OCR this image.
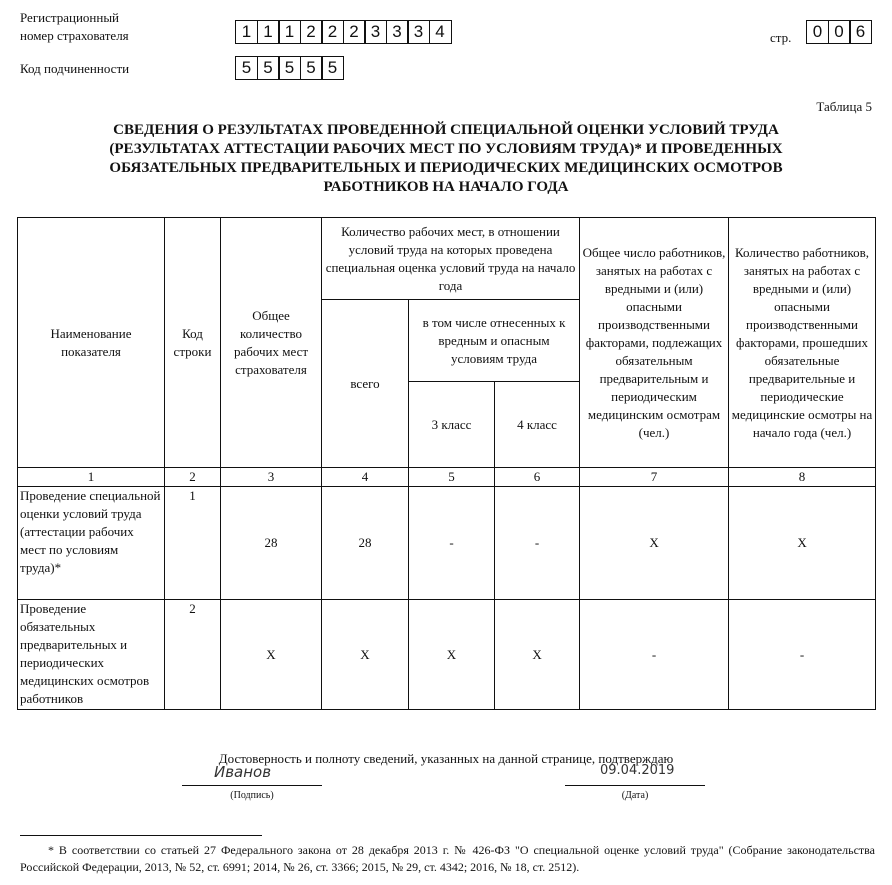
Регистрационный
номер страхователя	1 1 1 2 2 2 3 3 3 4	стр.	0 0 6
Код подчиненности	5 5 5 5 5
Таблица 5
СВЕДЕНИЯ О РЕЗУЛЬТАТАХ ПРОВЕДЕННОЙ СПЕЦИАЛЬНОЙ ОЦЕНКИ УСЛОВИЙ ТРУДА
(РЕЗУЛЬТАТАХ АТТЕСТАЦИИ РАБОЧИХ МЕСТ ПО УСЛОВИЯМ ТРУДА)* И ПРОВЕДЕННЫХ
ОБЯЗАТЕЛЬНЫХ ПРЕДВАРИТЕЛЬНЫХ И ПЕРИОДИЧЕСКИХ МЕДИЦИНСКИХ ОСМОТРОВ
РАБОТНИКОВ НА НАЧАЛО ГОДА
Наименование показателя	Код строки	Общее количество рабочих мест страхователя	Количество рабочих мест, в отношении условий труда на которых проведена специальная оценка условий труда на начало года			Общее число работников, занятых на работах с вредными и (или) опасными производственными факторами, подлежащих обязательным предварительным и периодическим медицинским осмотрам (чел.)	Количество работников, занятых на работах с вредными и (или) опасными производственными факторами, прошедших обязательные предварительные и периодические медицинские осмотры на начало года (чел.)
			всего	в том числе отнесенных к вредным и опасным условиям труда			
				3 класс	4 класс		
1	2	3	4	5	6	7	8
Проведение специальной оценки условий труда (аттестации рабочих мест по условиям труда)*	1	28	28	-	-	X	X
Проведение обязательных предварительных и периодических медицинских осмотров работников	2	X	X	X	X	-	-
Достоверность и полноту сведений, указанных на данной странице, подтверждаю
Иванов
(Подпись)
09.04.2019
(Дата)
* В соответствии со статьей 27 Федерального закона от 28 декабря 2013 г. № 426-ФЗ "О специальной оценке условий труда" (Собрание законодательства Российской Федерации, 2013, № 52, ст. 6991; 2014, № 26, ст. 3366; 2015, № 29, ст. 4342; 2016, № 18, ст. 2512).
